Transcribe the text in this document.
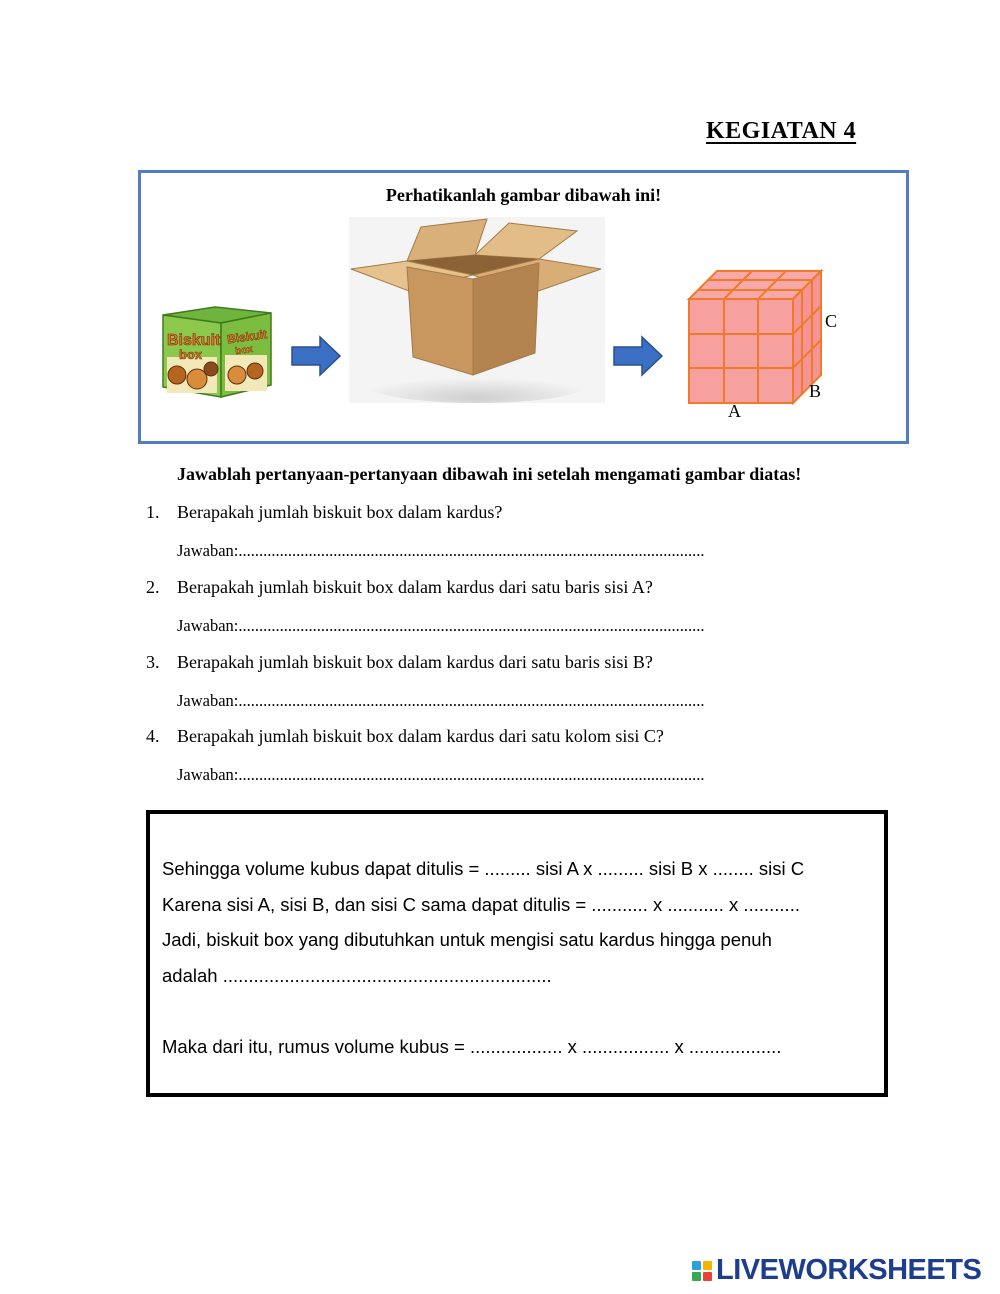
KEGIATAN 4
Perhatikanlah gambar dibawah ini!
Biskuit
box
Biskuit
box
C
B
A
Jawablah pertanyaan-pertanyaan dibawah ini setelah mengamati gambar diatas!
1. Berapakah jumlah biskuit box dalam kardus?
Jawaban:.................................................................................................................
2. Berapakah jumlah biskuit box dalam kardus dari satu baris sisi A?
Jawaban:.................................................................................................................
3. Berapakah jumlah biskuit box dalam kardus dari satu baris sisi B?
Jawaban:.................................................................................................................
4. Berapakah jumlah biskuit box dalam kardus dari satu kolom sisi C?
Jawaban:.................................................................................................................
Sehingga volume kubus dapat ditulis = ......... sisi A x ......... sisi B x ........ sisi C
Karena sisi A, sisi B, dan sisi C sama dapat ditulis = ........... x ........... x ...........
Jadi, biskuit box yang dibutuhkan untuk mengisi satu kardus hingga penuh
adalah ................................................................
Maka dari itu, rumus volume kubus = .................. x ................. x ..................
LIVEWORKSHEETS
